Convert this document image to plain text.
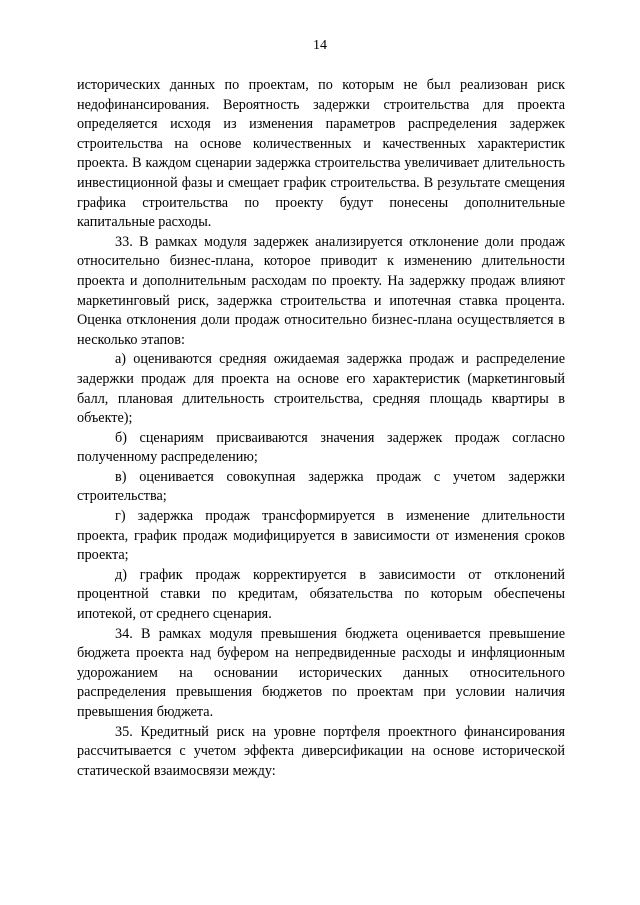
14

исторических данных по проектам, по которым не был реализован риск недофинансирования. Вероятность задержки строительства для проекта определяется исходя из изменения параметров распределения задержек строительства на основе количественных и качественных характеристик проекта. В каждом сценарии задержка строительства увеличивает длительность инвестиционной фазы и смещает график строительства. В результате смещения графика строительства по проекту будут понесены дополнительные капитальные расходы.

33. В рамках модуля задержек анализируется отклонение доли продаж относительно бизнес-плана, которое приводит к изменению длительности проекта и дополнительным расходам по проекту. На задержку продаж влияют маркетинговый риск, задержка строительства и ипотечная ставка процента. Оценка отклонения доли продаж относительно бизнес-плана осуществляется в несколько этапов:

а) оцениваются средняя ожидаемая задержка продаж и распределение задержки продаж для проекта на основе его характеристик (маркетинговый балл, плановая длительность строительства, средняя площадь квартиры в объекте);

б) сценариям присваиваются значения задержек продаж согласно полученному распределению;

в) оценивается совокупная задержка продаж с учетом задержки строительства;

г) задержка продаж трансформируется в изменение длительности проекта, график продаж модифицируется в зависимости от изменения сроков проекта;

д) график продаж корректируется в зависимости от отклонений процентной ставки по кредитам, обязательства по которым обеспечены ипотекой, от среднего сценария.

34. В рамках модуля превышения бюджета оценивается превышение бюджета проекта над буфером на непредвиденные расходы и инфляционным удорожанием на основании исторических данных относительного распределения превышения бюджетов по проектам при условии наличия превышения бюджета.

35. Кредитный риск на уровне портфеля проектного финансирования рассчитывается с учетом эффекта диверсификации на основе исторической статической взаимосвязи между:
